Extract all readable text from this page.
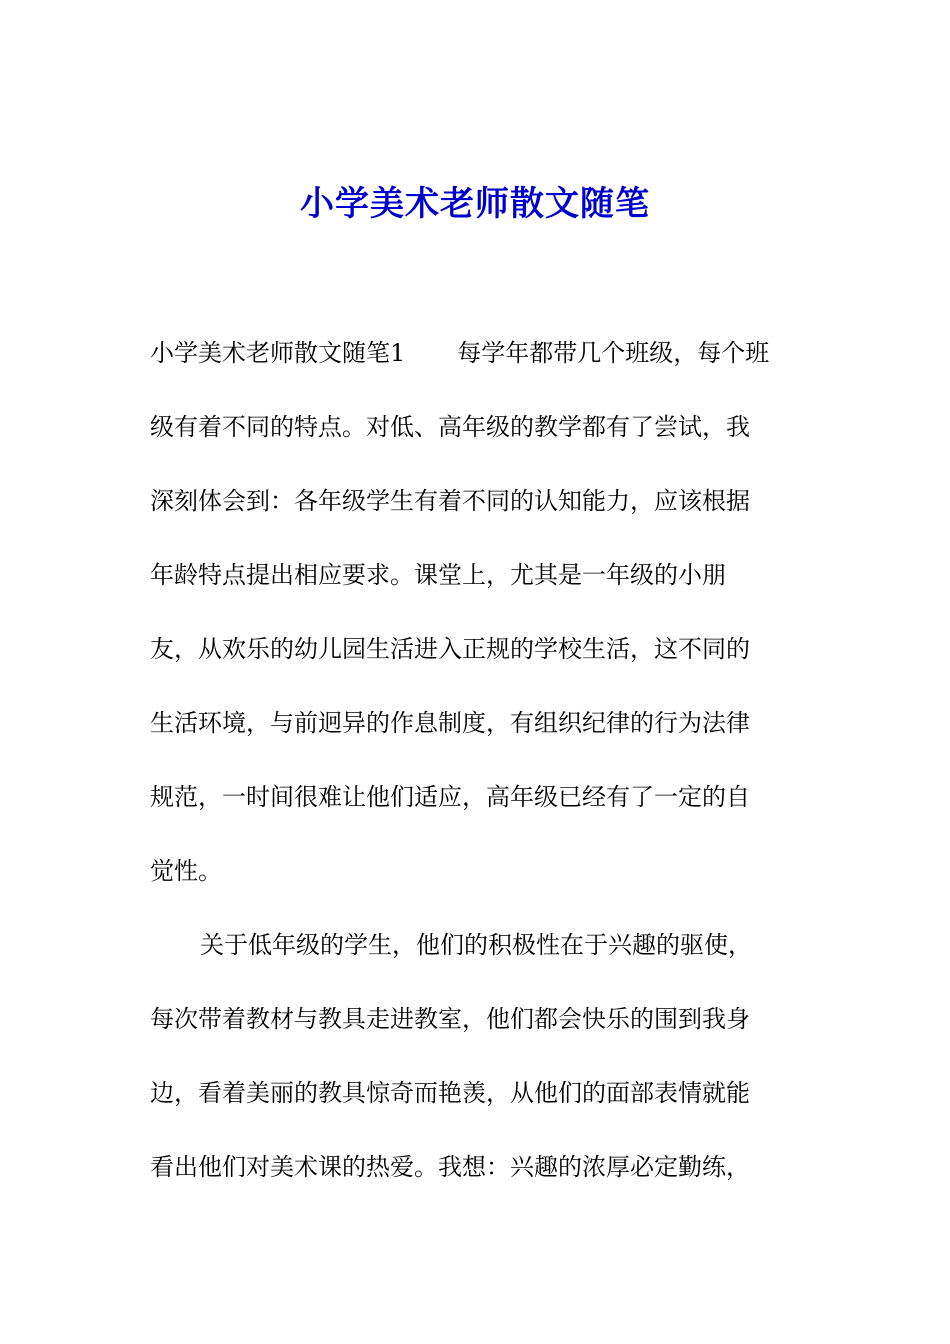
小学美术老师散文随笔
小学美术老师散文随笔1 每学年都带几个班级，每个班
级有着不同的特点。对低、高年级的教学都有了尝试，我
深刻体会到：各年级学生有着不同的认知能力，应该根据
年龄特点提出相应要求。课堂上，尤其是一年级的小朋
友，从欢乐的幼儿园生活进入正规的学校生活，这不同的
生活环境，与前迥异的作息制度，有组织纪律的行为法律
规范，一时间很难让他们适应，高年级已经有了一定的自
觉性。
关于低年级的学生，他们的积极性在于兴趣的驱使，
每次带着教材与教具走进教室，他们都会快乐的围到我身
边，看着美丽的教具惊奇而艳羡，从他们的面部表情就能
看出他们对美术课的热爱。我想：兴趣的浓厚必定勤练，
